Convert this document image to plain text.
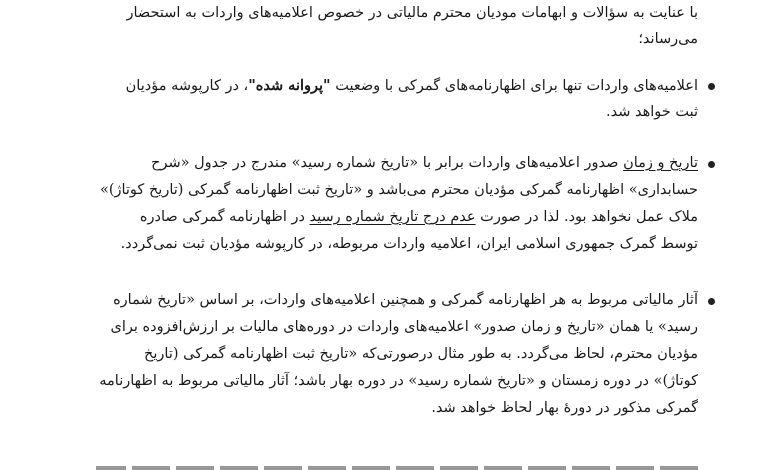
با عنایت به سؤالات و ابهامات مودیان محترم مالیاتی در خصوص اعلامیه‌های واردات به استحضار
می‌رساند؛
اعلامیه‌های واردات تنها برای اظهارنامه‌های گمرکی با وضعیت "پروانه شده"، در کارپوشه مؤدیان
ثبت خواهد شد.
تاریخ و زمان صدور اعلامیه‌های واردات برابر با «تاریخ شماره رسید» مندرج در جدول «شرح
حسابداری» اظهارنامه گمرکی مؤدیان محترم می‌باشد و «تاریخ ثبت اظهارنامه گمرکی (تاریخ کوتاژ)»
ملاک عمل نخواهد بود. لذا در صورت عدم درج تاریخ شماره رسید در اظهارنامه گمرکی صادره
توسط گمرک جمهوری اسلامی ایران، اعلامیه واردات مربوطه، در کارپوشه مؤدیان ثبت نمی‌گردد.
آثار مالیاتی مربوط به هر اظهارنامه گمرکی و همچنین اعلامیه‌های واردات، بر اساس «تاریخ شماره
رسید» یا همان «تاریخ و زمان صدور» اعلامیه‌های واردات در دوره‌های مالیات بر ارزش‌افزوده برای
مؤدیان محترم، لحاظ می‌گردد. به طور مثال درصورتی‌که «تاریخ ثبت اظهارنامه گمرکی (تاریخ
کوتاژ)» در دوره زمستان و «تاریخ شماره رسید» در دوره بهار باشد؛ آثار مالیاتی مربوط به اظهارنامه
گمرکی مذکور در دورهٔ بهار لحاظ خواهد شد.
